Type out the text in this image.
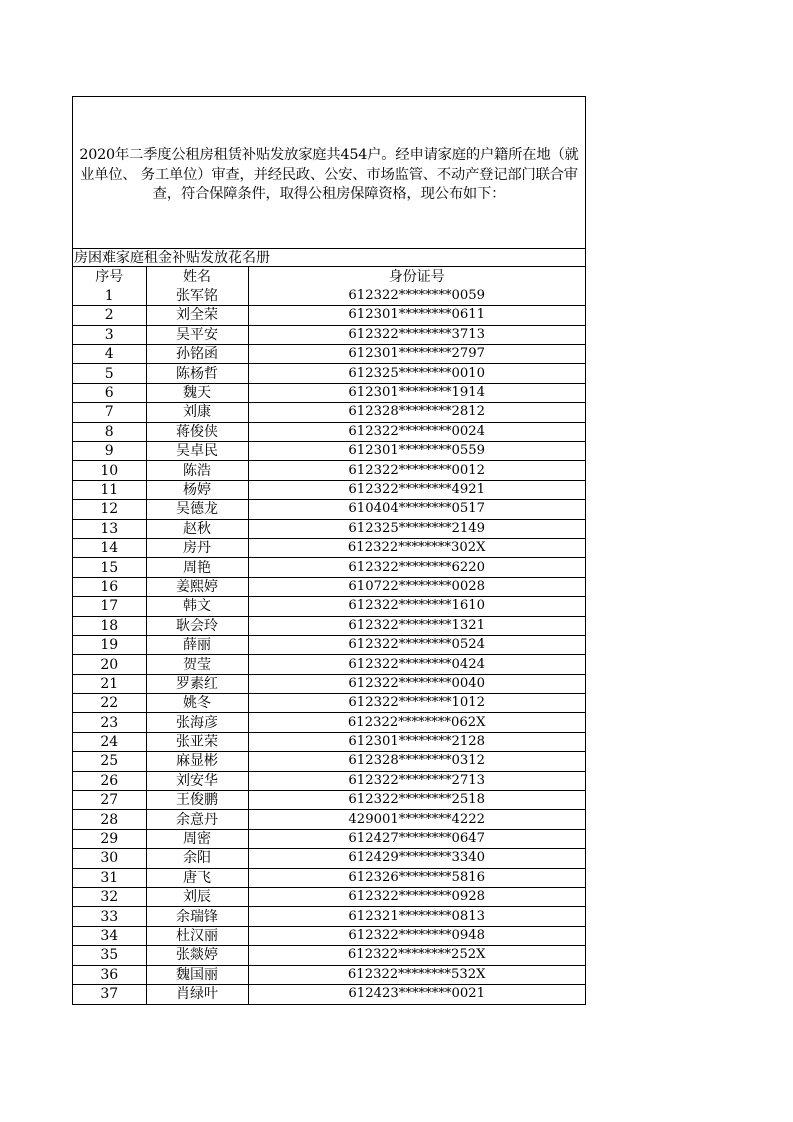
2020年二季度公租房租赁补贴发放家庭共454户。经申请家庭的户籍所在地（就业单位、 务工单位）审查，并经民政、公安、市场监管、不动产登记部门联合审查，符合保障条件，取得公租房保障资格，现公布如下：
房困难家庭租金补贴发放花名册
序号	姓名	身份证号
1	张军铭	612322********0059
2	刘全荣	612301********0611
3	吴平安	612322********3713
4	孙铭函	612301********2797
5	陈杨哲	612325********0010
6	魏天	612301********1914
7	刘康	612328********2812
8	蒋俊侠	612322********0024
9	吴卓民	612301********0559
10	陈浩	612322********0012
11	杨婷	612322********4921
12	吴德龙	610404********0517
13	赵秋	612325********2149
14	房丹	612322********302X
15	周艳	612322********6220
16	姜熙婷	610722********0028
17	韩文	612322********1610
18	耿会玲	612322********1321
19	薛丽	612322********0524
20	贺莹	612322********0424
21	罗素红	612322********0040
22	姚冬	612322********1012
23	张海彦	612322********062X
24	张亚荣	612301********2128
25	麻显彬	612328********0312
26	刘安华	612322********2713
27	王俊鹏	612322********2518
28	余意丹	429001********4222
29	周密	612427********0647
30	余阳	612429********3340
31	唐飞	612326********5816
32	刘辰	612322********0928
33	余瑞锋	612321********0813
34	杜汉丽	612322********0948
35	张燚婷	612322********252X
36	魏国丽	612322********532X
37	肖绿叶	612423********0021
